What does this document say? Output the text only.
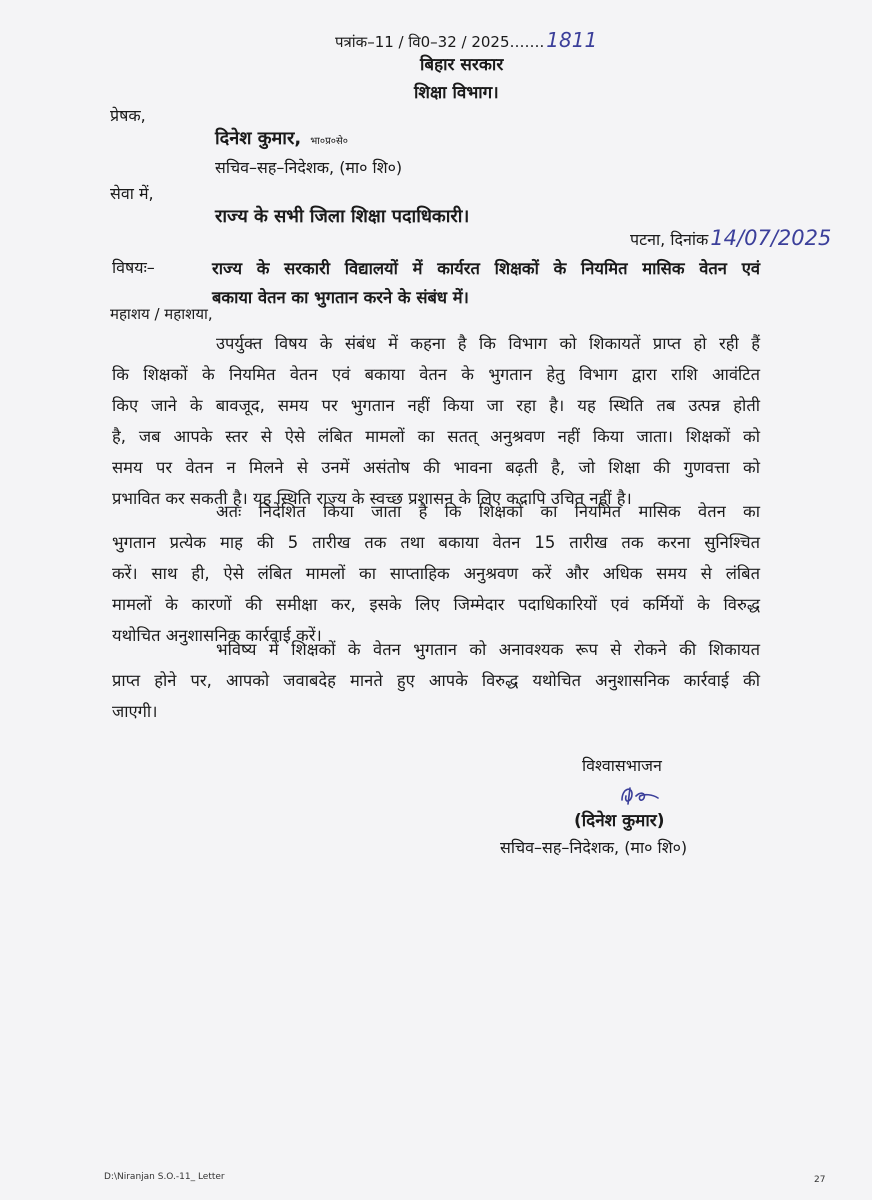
पत्रांक–11 / वि0–32 / 2025……. 1811
बिहार सरकार
शिक्षा विभाग।
प्रेषक,
दिनेश कुमार, भा०प्र०से०
सचिव–सह–निदेशक, (मा० शि०)
सेवा में,
राज्य के सभी जिला शिक्षा पदाधिकारी।
पटना, दिनांक14/07/2025
विषयः–	राज्य के सरकारी विद्यालयों में कार्यरत शिक्षकों के नियमित मासिक वेतन एवं
बकाया वेतन का भुगतान करने के संबंध में।
महाशय / महाशया,
उपर्युक्त विषय के संबंध में कहना है कि विभाग को शिकायतें प्राप्त हो रही हैं
कि शिक्षकों के नियमित वेतन एवं बकाया वेतन के भुगतान हेतु विभाग द्वारा राशि आवंटित
किए जाने के बावजूद, समय पर भुगतान नहीं किया जा रहा है। यह स्थिति तब उत्पन्न होती
है, जब आपके स्तर से ऐसे लंबित मामलों का सतत् अनुश्रवण नहीं किया जाता। शिक्षकों को
समय पर वेतन न मिलने से उनमें असंतोष की भावना बढ़ती है, जो शिक्षा की गुणवत्ता को
प्रभावित कर सकती है। यह स्थिति राज्य के स्वच्छ प्रशासन के लिए कदापि उचित नहीं है।
अतः निदेशित किया जाता है कि शिक्षकों का नियमित मासिक वेतन का
भुगतान प्रत्येक माह की 5 तारीख तक तथा बकाया वेतन 15 तारीख तक करना सुनिश्चित
करें। साथ ही, ऐसे लंबित मामलों का साप्ताहिक अनुश्रवण करें और अधिक समय से लंबित
मामलों के कारणों की समीक्षा कर, इसके लिए जिम्मेदार पदाधिकारियों एवं कर्मियों के विरुद्ध
यथोचित अनुशासनिक कार्रवाई करें।
भविष्य में शिक्षकों के वेतन भुगतान को अनावश्यक रूप से रोकने की शिकायत
प्राप्त होने पर, आपको जवाबदेह मानते हुए आपके विरुद्ध यथोचित अनुशासनिक कार्रवाई की
जाएगी।
विश्वासभाजन
(दिनेश कुमार)
सचिव–सह–निदेशक, (मा० शि०)
D:\Niranjan S.O.-11_ Letter	27
